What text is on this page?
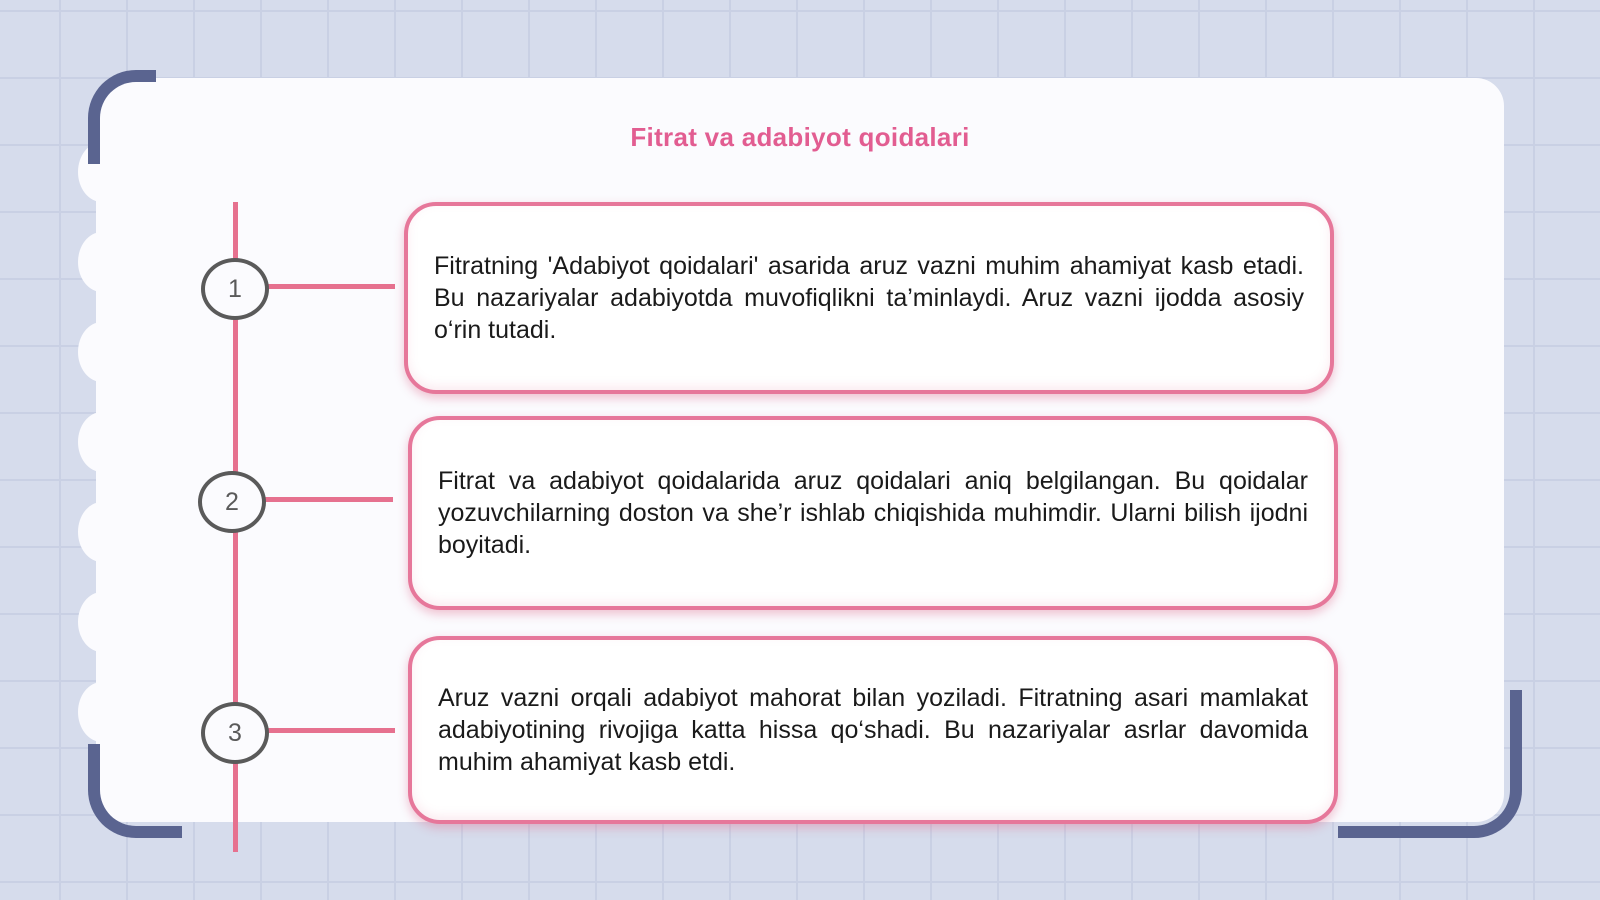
Fitrat va adabiyot qoidalari
1

Fitratning 'Adabiyot qoidalari' asarida aruz vazni muhim ahamiyat kasb etadi. Bu nazariyalar adabiyotda muvofiqlikni ta’minlaydi. Aruz vazni ijodda asosiy o‘rin tutadi.

2

Fitrat va adabiyot qoidalarida aruz qoidalari aniq belgilangan. Bu qoidalar yozuvchilarning doston va she’r ishlab chiqishida muhimdir. Ularni bilish ijodni boyitadi.

3

Aruz vazni orqali adabiyot mahorat bilan yoziladi. Fitratning asari mamlakat adabiyotining rivojiga katta hissa qo‘shadi. Bu nazariyalar asrlar davomida muhim ahamiyat kasb etdi.
